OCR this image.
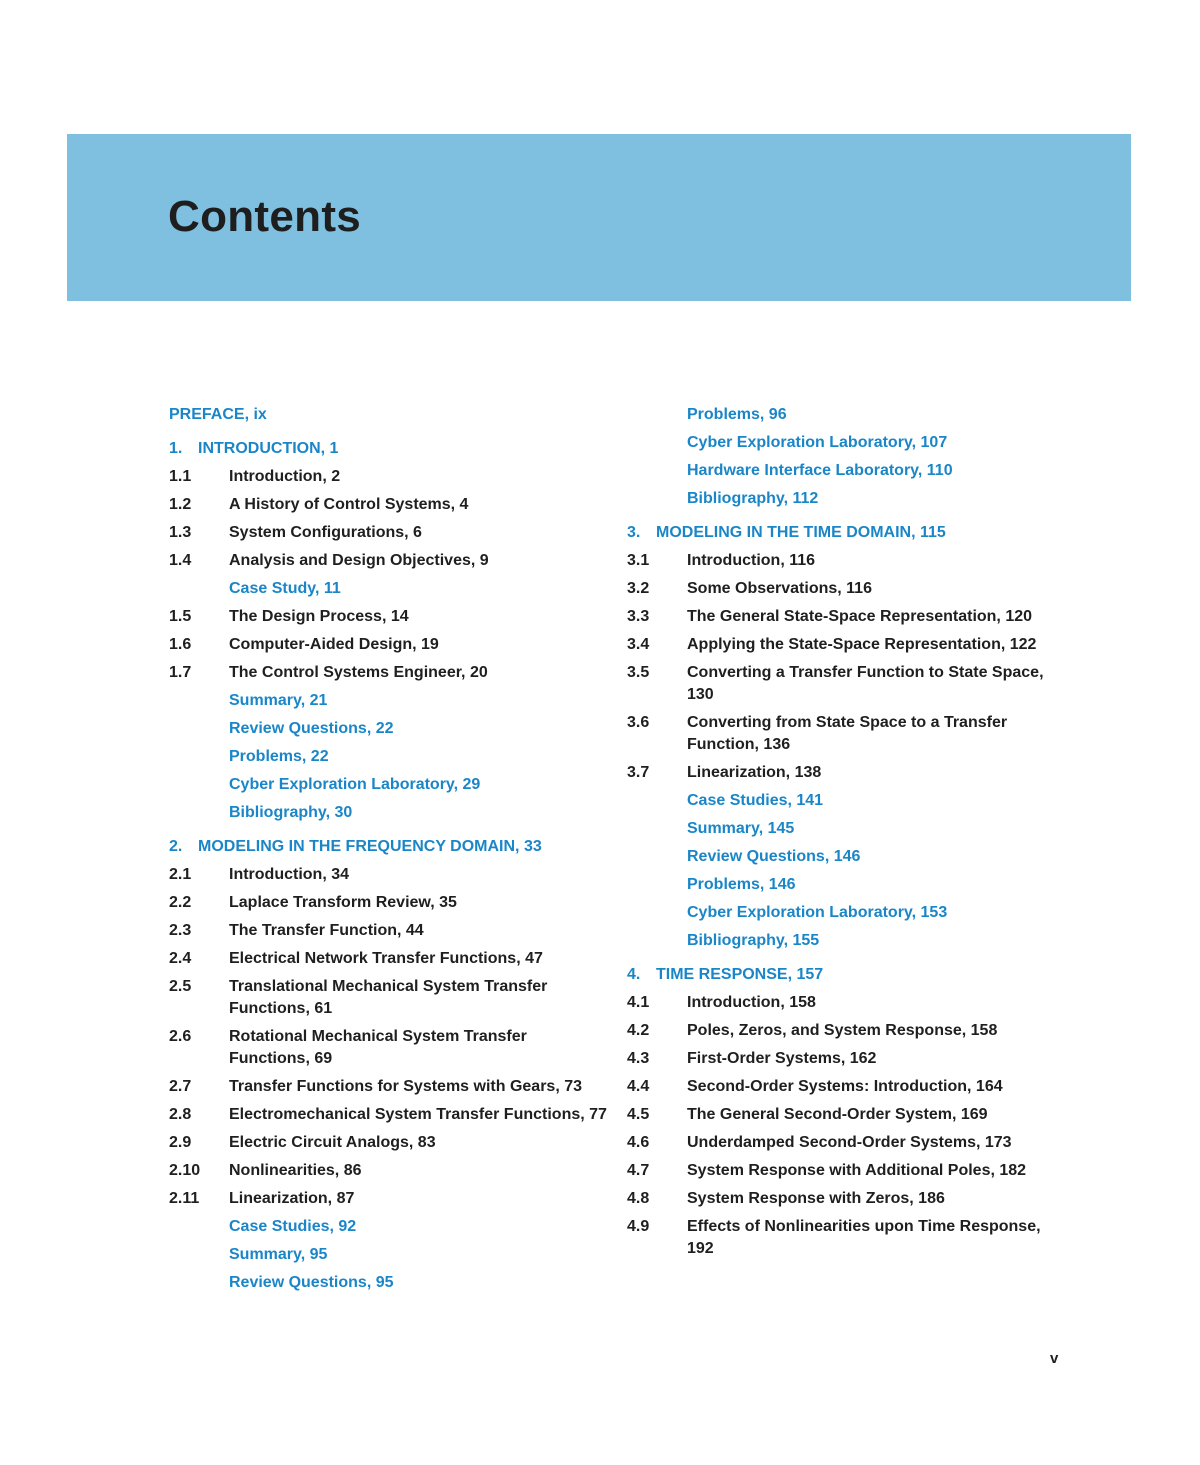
Contents
PREFACE, ix
1. INTRODUCTION, 1
1.1	Introduction, 2
1.2	A History of Control Systems, 4
1.3	System Configurations, 6
1.4	Analysis and Design Objectives, 9
Case Study, 11
1.5	The Design Process, 14
1.6	Computer-Aided Design, 19
1.7	The Control Systems Engineer, 20
Summary, 21
Review Questions, 22
Problems, 22
Cyber Exploration Laboratory, 29
Bibliography, 30
2. MODELING IN THE FREQUENCY DOMAIN, 33
2.1	Introduction, 34
2.2	Laplace Transform Review, 35
2.3	The Transfer Function, 44
2.4	Electrical Network Transfer Functions, 47
2.5	Translational Mechanical System Transfer Functions, 61
2.6	Rotational Mechanical System Transfer Functions, 69
2.7	Transfer Functions for Systems with Gears, 73
2.8	Electromechanical System Transfer Functions, 77
2.9	Electric Circuit Analogs, 83
2.10	Nonlinearities, 86
2.11	Linearization, 87
Case Studies, 92
Summary, 95
Review Questions, 95
Problems, 96
Cyber Exploration Laboratory, 107
Hardware Interface Laboratory, 110
Bibliography, 112
3. MODELING IN THE TIME DOMAIN, 115
3.1	Introduction, 116
3.2	Some Observations, 116
3.3	The General State-Space Representation, 120
3.4	Applying the State-Space Representation, 122
3.5	Converting a Transfer Function to State Space, 130
3.6	Converting from State Space to a Transfer Function, 136
3.7	Linearization, 138
Case Studies, 141
Summary, 145
Review Questions, 146
Problems, 146
Cyber Exploration Laboratory, 153
Bibliography, 155
4. TIME RESPONSE, 157
4.1	Introduction, 158
4.2	Poles, Zeros, and System Response, 158
4.3	First-Order Systems, 162
4.4	Second-Order Systems: Introduction, 164
4.5	The General Second-Order System, 169
4.6	Underdamped Second-Order Systems, 173
4.7	System Response with Additional Poles, 182
4.8	System Response with Zeros, 186
4.9	Effects of Nonlinearities upon Time Response, 192
v
